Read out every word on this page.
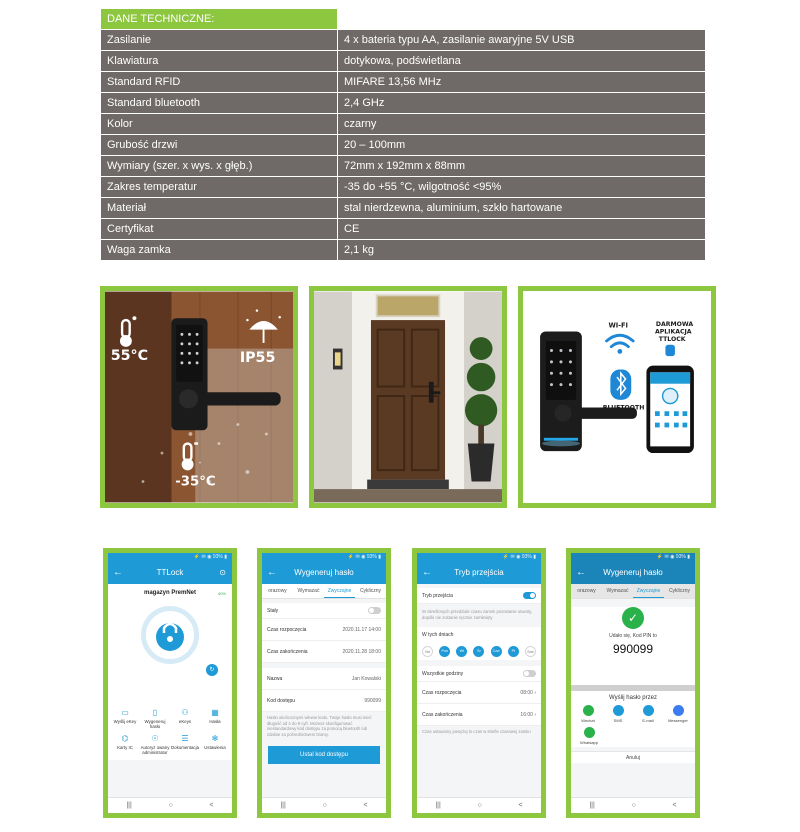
DANE TECHNICZNE:	
Zasilanie	4 x bateria typu AA, zasilanie awaryjne 5V USB
Klawiatura	dotykowa, podświetlana
Standard RFID	MIFARE 13,56 MHz
Standard bluetooth	2,4 GHz
Kolor	czarny
Grubość drzwi	20 – 100mm
Wymiary (szer. x wys. x głęb.)	72mm x 192mm x 88mm
Zakres temperatur	-35 do +55 °C, wilgotność <95%
Materiał	stal nierdzewna, aluminium, szkło hartowane
Certyfikat	CE
Waga zamka	2,1 kg
55°C	IP55
-35°C
WI-FI
BLUETOOTH
DARMOWA
APLIKACJA
TTLOCK
⚡ ✉ ◉ 93% ▮
←	TTLock	⊙
magazyn PremNet	40%
↻
▭
Wyślij eKey
▯
Wygeneruj hasło
⚇
eKeys
▦
Hasła
⌬
Karty IC
☉
Autoryz owany administrator
☰
Dokumentacja
✻
Ustawienia
|||	○	<
⚡ ✉ ◉ 93% ▮
← Wygeneruj hasło
orazowy	Wymazać	Zwyczajne	Cykliczny
Stały
Czas rozpoczęcia	2020.11.17 14:00
Czas zakończenia	2020.11.28 18:00
Nazwa	Jan Kowalski
Kod dostępu	990099
Hasło ukończonymi wlewie kodu. Twoje hasło musi mieć długość od 4 do 9 cyfr. Możesz skonfigurować niestandardowy kod dostępu za pomocą bluetooth lub zdalnie za pośrednictwem bramy.
Ustal kod dostępu
|||	○	<
⚡ ✉ ◉ 93% ▮
←	Tryb przejścia
Tryb przejścia
W określonych przedziale czasu zamek pozostanie otwarty, dopóki nie zostanie ręcznie zamknięty
W tych dniach
Nd	Pon	Wt	Śr	Czw	Pt	Sob
Wszystkie godziny
Czas rozpoczęcia	08:00 ›
Czas zakończenia	16:00 ›
Czas ustawiony powyżej to czas w strefie czasowej zamku
|||	○	<
⚡ ✉ ◉ 93% ▮
← Wygeneruj hasło
orazowy	Wymazać	Zwyczajne	Cykliczny
✓
Udało się, Kod PIN to
990099
Wyślij hasło przez
Wechat	SMS	E-mail	Messenger
Whatsapp
Anuluj
|||	○	<
